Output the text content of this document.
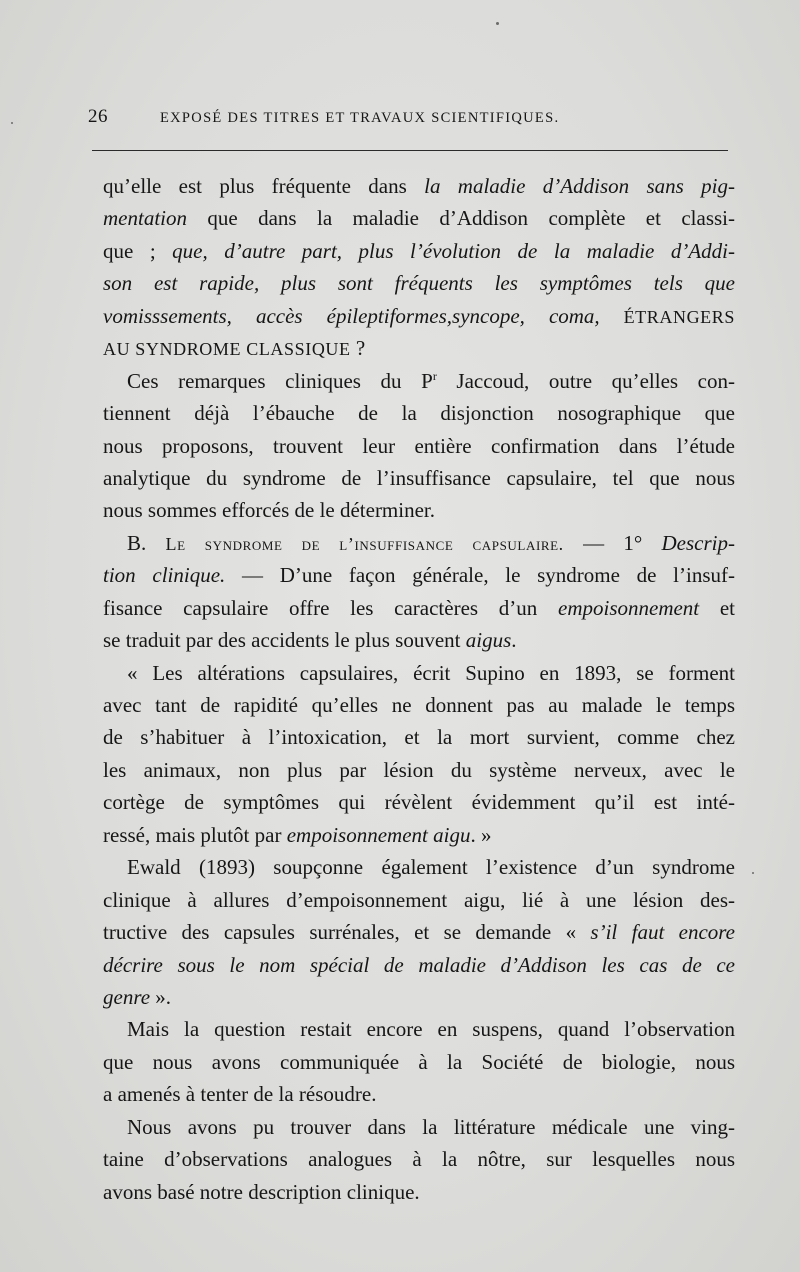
26	EXPOSÉ DES TITRES ET TRAVAUX SCIENTIFIQUES.
qu’elle est plus fréquente dans la maladie d’Addison sans pig-
mentation que dans la maladie d’Addison complète et classi-
que ; que, d’autre part, plus l’évolution de la maladie d’Addi-
son est rapide, plus sont fréquents les symptômes tels que
vomisssements, accès épileptiformes,syncope, coma, ÉTRANGERS
AU SYNDROME CLASSIQUE ?
Ces remarques cliniques du $P^r$ Jaccoud, outre qu’elles con-
tiennent déjà l’ébauche de la disjonction nosographique que
nous proposons, trouvent leur entière confirmation dans l’étude
analytique du syndrome de l’insuffisance capsulaire, tel que nous
nous sommes efforcés de le déterminer.
B. Le syndrome de l’insuffisance capsulaire. — 1° Descrip-
tion clinique. — D’une façon générale, le syndrome de l’insuf-
fisance capsulaire offre les caractères d’un empoisonnement et
se traduit par des accidents le plus souvent aigus.
« Les altérations capsulaires, écrit Supino en 1893, se forment
avec tant de rapidité qu’elles ne donnent pas au malade le temps
de s’habituer à l’intoxication, et la mort survient, comme chez
les animaux, non plus par lésion du système nerveux, avec le
cortège de symptômes qui révèlent évidemment qu’il est inté-
ressé, mais plutôt par empoisonnement aigu. »
Ewald (1893) soupçonne également l’existence d’un syndrome
clinique à allures d’empoisonnement aigu, lié à une lésion des-
tructive des capsules surrénales, et se demande « s’il faut encore
décrire sous le nom spécial de maladie d’Addison les cas de ce
genre ».
Mais la question restait encore en suspens, quand l’observation
que nous avons communiquée à la Société de biologie, nous
a amenés à tenter de la résoudre.
Nous avons pu trouver dans la littérature médicale une ving-
taine d’observations analogues à la nôtre, sur lesquelles nous
avons basé notre description clinique.
